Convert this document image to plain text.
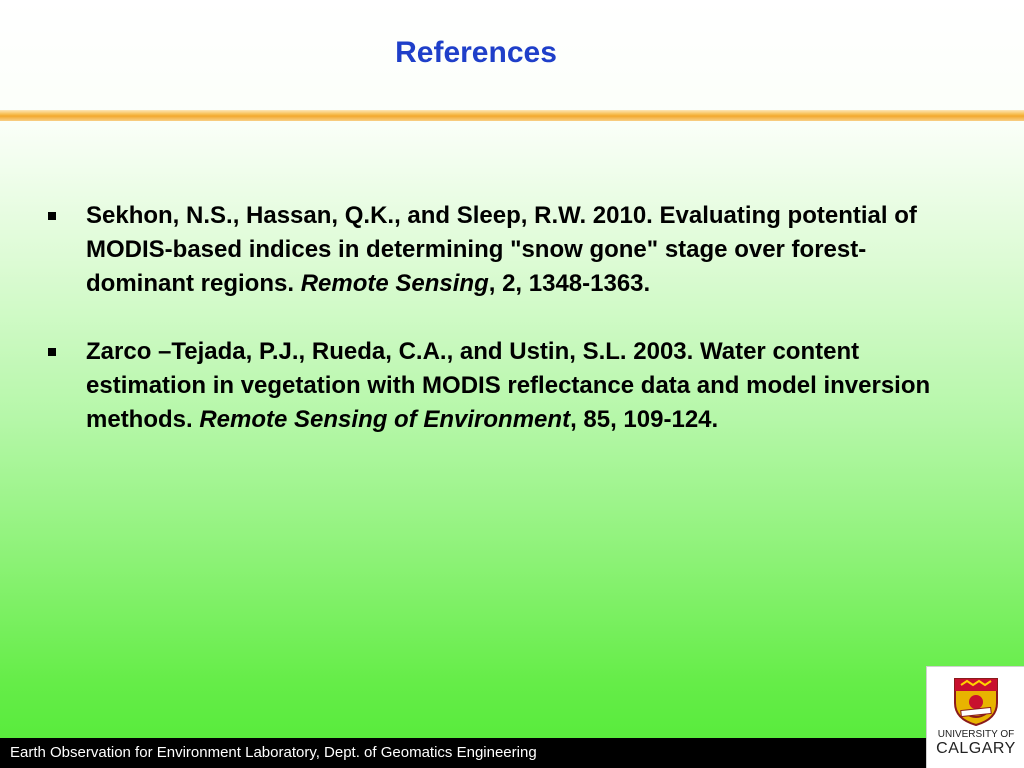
References
Sekhon, N.S., Hassan, Q.K., and Sleep, R.W. 2010. Evaluating potential of MODIS-based indices in determining "snow gone" stage over forest-dominant regions. Remote Sensing, 2, 1348-1363.
Zarco –Tejada, P.J., Rueda, C.A., and Ustin, S.L. 2003. Water content estimation in vegetation with MODIS reflectance data and model inversion methods. Remote Sensing of Environment, 85, 109-124.
Earth Observation for Environment Laboratory, Dept. of Geomatics Engineering
UNIVERSITY OF
CALGARY
